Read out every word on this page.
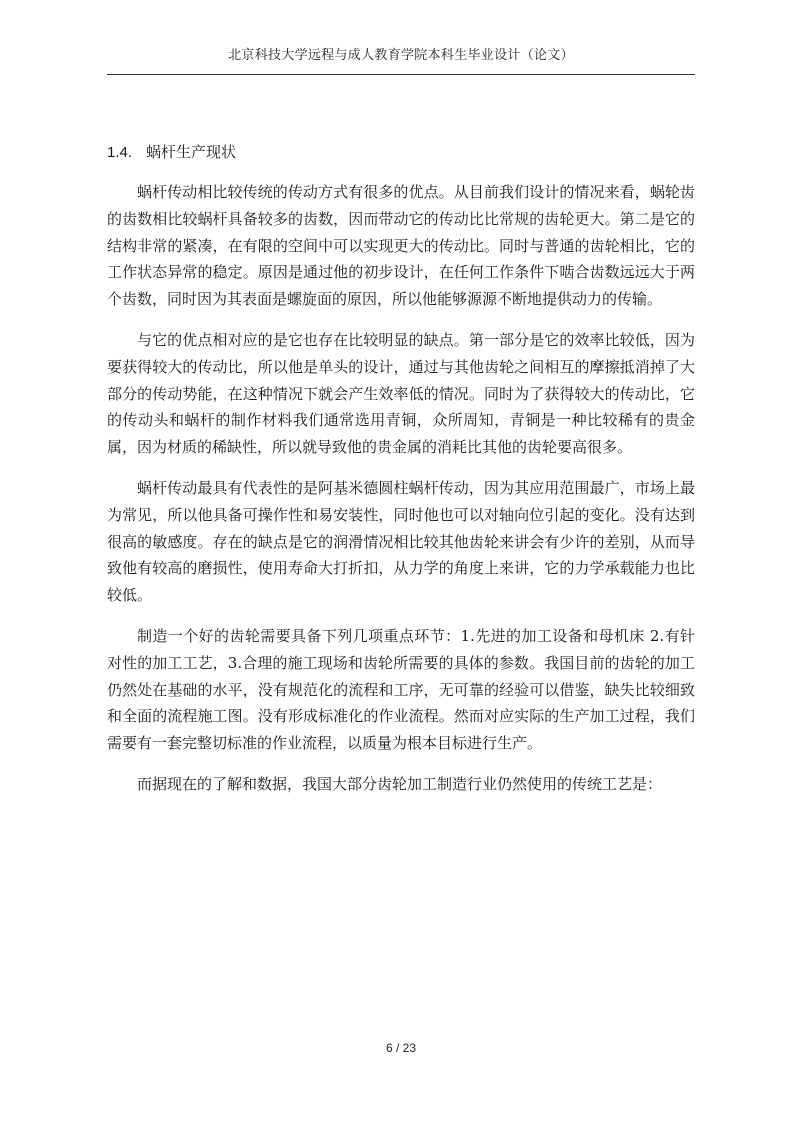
北京科技大学远程与成人教育学院本科生毕业设计（论文）
1.4. 蜗杆生产现状

蜗杆传动相比较传统的传动方式有很多的优点。从目前我们设计的情况来看，蜗轮齿的齿数相比较蜗杆具备较多的齿数，因而带动它的传动比比常规的齿轮更大。第二是它的结构非常的紧凑，在有限的空间中可以实现更大的传动比。同时与普通的齿轮相比，它的工作状态异常的稳定。原因是通过他的初步设计，在任何工作条件下啮合齿数远远大于两个齿数，同时因为其表面是螺旋面的原因，所以他能够源源不断地提供动力的传输。

与它的优点相对应的是它也存在比较明显的缺点。第一部分是它的效率比较低，因为要获得较大的传动比，所以他是单头的设计，通过与其他齿轮之间相互的摩擦抵消掉了大部分的传动势能，在这种情况下就会产生效率低的情况。同时为了获得较大的传动比，它的传动头和蜗杆的制作材料我们通常选用青铜，众所周知，青铜是一种比较稀有的贵金属，因为材质的稀缺性，所以就导致他的贵金属的消耗比其他的齿轮要高很多。

蜗杆传动最具有代表性的是阿基米德圆柱蜗杆传动，因为其应用范围最广，市场上最为常见，所以他具备可操作性和易安装性，同时他也可以对轴向位引起的变化。没有达到很高的敏感度。存在的缺点是它的润滑情况相比较其他齿轮来讲会有少许的差别，从而导致他有较高的磨损性，使用寿命大打折扣，从力学的角度上来讲，它的力学承载能力也比较低。

制造一个好的齿轮需要具备下列几项重点环节：1.先进的加工设备和母机床 2.有针对性的加工工艺，3.合理的施工现场和齿轮所需要的具体的参数。我国目前的齿轮的加工仍然处在基础的水平，没有规范化的流程和工序，无可靠的经验可以借鉴，缺失比较细致和全面的流程施工图。没有形成标准化的作业流程。然而对应实际的生产加工过程，我们需要有一套完整切标准的作业流程，以质量为根本目标进行生产。

而据现在的了解和数据，我国大部分齿轮加工制造行业仍然使用的传统工艺是：

6 / 23
